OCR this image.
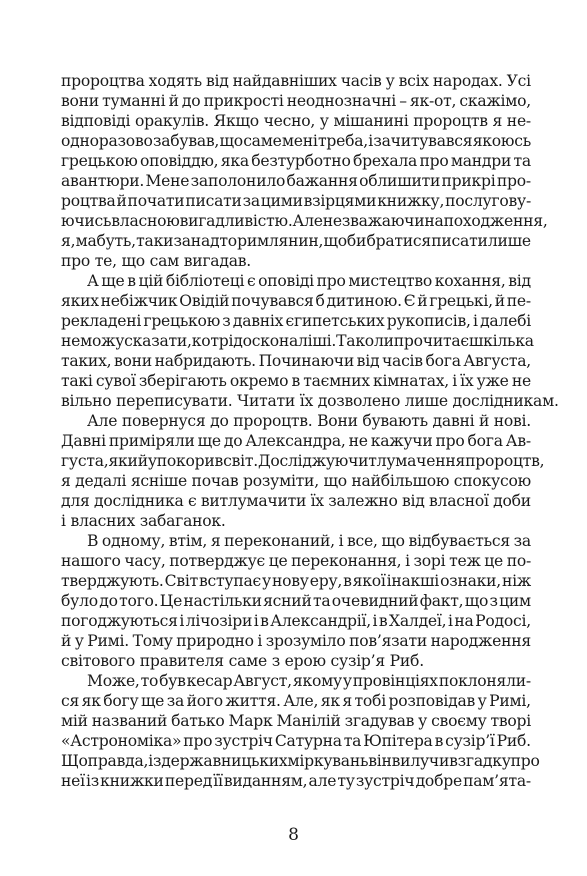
пророцтва ходять від найдавніших часів у всіх народах. Усі
вони туманні й до прикрості неоднозначні – як-от, скажімо,
відповіді оракулів. Якщо чесно, у мішанині пророцтв я не-
одноразово забував, що саме мені треба, і зачитувався якоюсь
грецькою оповіддю, яка безтурботно брехала про мандри та
авантюри. Мене заполонило бажання облишити прикрі про-
роцтва й почати писати за цими взірцями книжку, послугову-
ючись власною вигадливістю. Але незважаючи на походження,
я, мабуть, таки занадто римлянин, щоби братися писати лише
про те, що сам вигадав.
А ще в цій бібліотеці є оповіді про мистецтво кохання, від
яких небіжчик Овідій почувався б дитиною. Є й грецькі, й пе-
рекладені грецькою з давніх єгипетських рукописів, і далебі
не можу сказати, котрі досконаліші. Та коли прочитаєш кілька
таких, вони набридають. Починаючи від часів бога Августа,
такі сувої зберігають окремо в таємних кімнатах, і їх уже не
вільно переписувати. Читати їх дозволено лише дослідникам.
Але повернуся до пророцтв. Вони бувають давні й нові.
Давні приміряли ще до Александра, не кажучи про бога Ав-
густа, який упокорив світ. Досліджуючи тлумачення пророцтв,
я дедалі ясніше почав розуміти, що найбільшою спокусою
для дослідника є витлумачити їх залежно від власної доби
і власних забаганок.
В одному, втім, я переконаний, і все, що відбувається за
нашого часу, потверджує це переконання, і зорі теж це по-
тверджують. Світ вступає у нову еру, в якої інакші ознаки, ніж
було до того. Це настільки ясний та очевидний факт, що з цим
погоджуються і лічозіри і в Александрії, і в Халдеї, і на Родосі,
й у Римі. Тому природно і зрозуміло пов’язати народження
світового правителя саме з ерою сузір’я Риб.
Може, то був кесар Август, якому у провінціях поклоняли-
ся як богу ще за його життя. Але, як я тобі розповідав у Римі,
мій названий батько Марк Манілій згадував у своєму творі
«Астрономіка» про зустріч Сатурна та Юпітера в сузір’ї Риб.
Щоправда, із державницьких міркувань він вилучив згадку про
неї із книжки перед її виданням, але ту зустріч добре пам’ята-
8
